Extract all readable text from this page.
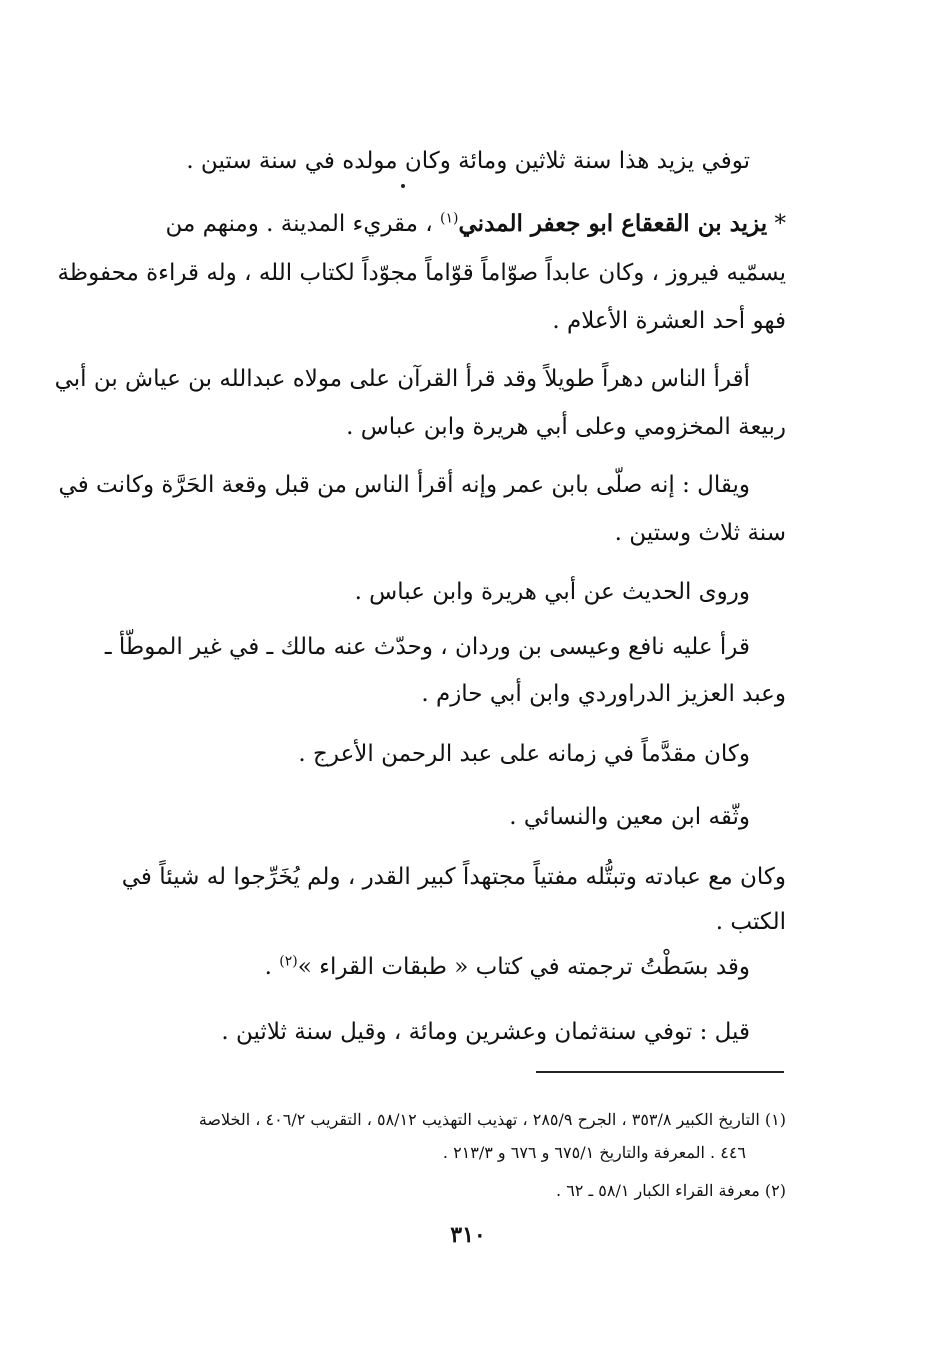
توفي يزيد هذا سنة ثلاثين ومائة وكان مولده في سنة ستين .
* يزيد بن القعقاع ابو جعفر المدني$^{(١)}$ ، مقريء المدينة . ومنهم من
يسمّيه فيروز ، وكان عابداً صوّاماً قوّاماً مجوّداً لكتاب الله ، وله قراءة محفوظة
فهو أحد العشرة الأعلام .
أقرأ الناس دهراً طويلاً وقد قرأ القرآن على مولاه عبدالله بن عياش بن أبي
ربيعة المخزومي وعلى أبي هريرة وابن عباس .
ويقال : إنه صلّى بابن عمر وإنه أقرأ الناس من قبل وقعة الحَرَّة وكانت في
سنة ثلاث وستين .
وروى الحديث عن أبي هريرة وابن عباس .
قرأ عليه نافع وعيسى بن وردان ، وحدّث عنه مالك ـ في غير الموطّأ ـ
وعبد العزيز الدراوردي وابن أبي حازم .
وكان مقدَّماً في زمانه على عبد الرحمن الأعرج .
وثّقه ابن معين والنسائي .
وكان مع عبادته وتبتُّله مفتياً مجتهداً كبير القدر ، ولم يُخَرِّجوا له شيئاً في
الكتب .
وقد بسَطْتُ ترجمته في كتاب « طبقات القراء »$^{(٢)}$ .
قيل : توفي سنةثمان وعشرين ومائة ، وقيل سنة ثلاثين .
(١) التاريخ الكبير ٣٥٣/٨ ، الجرح ٢٨٥/٩ ، تهذيب التهذيب ٥٨/١٢ ، التقريب ٤٠٦/٢ ، الخلاصة
٤٤٦ . المعرفة والتاريخ ٦٧٥/١ و ٦٧٦ و ٢١٣/٣ .
(٢) معرفة القراء الكبار ٥٨/١ ـ ٦٢ .
٣١٠
